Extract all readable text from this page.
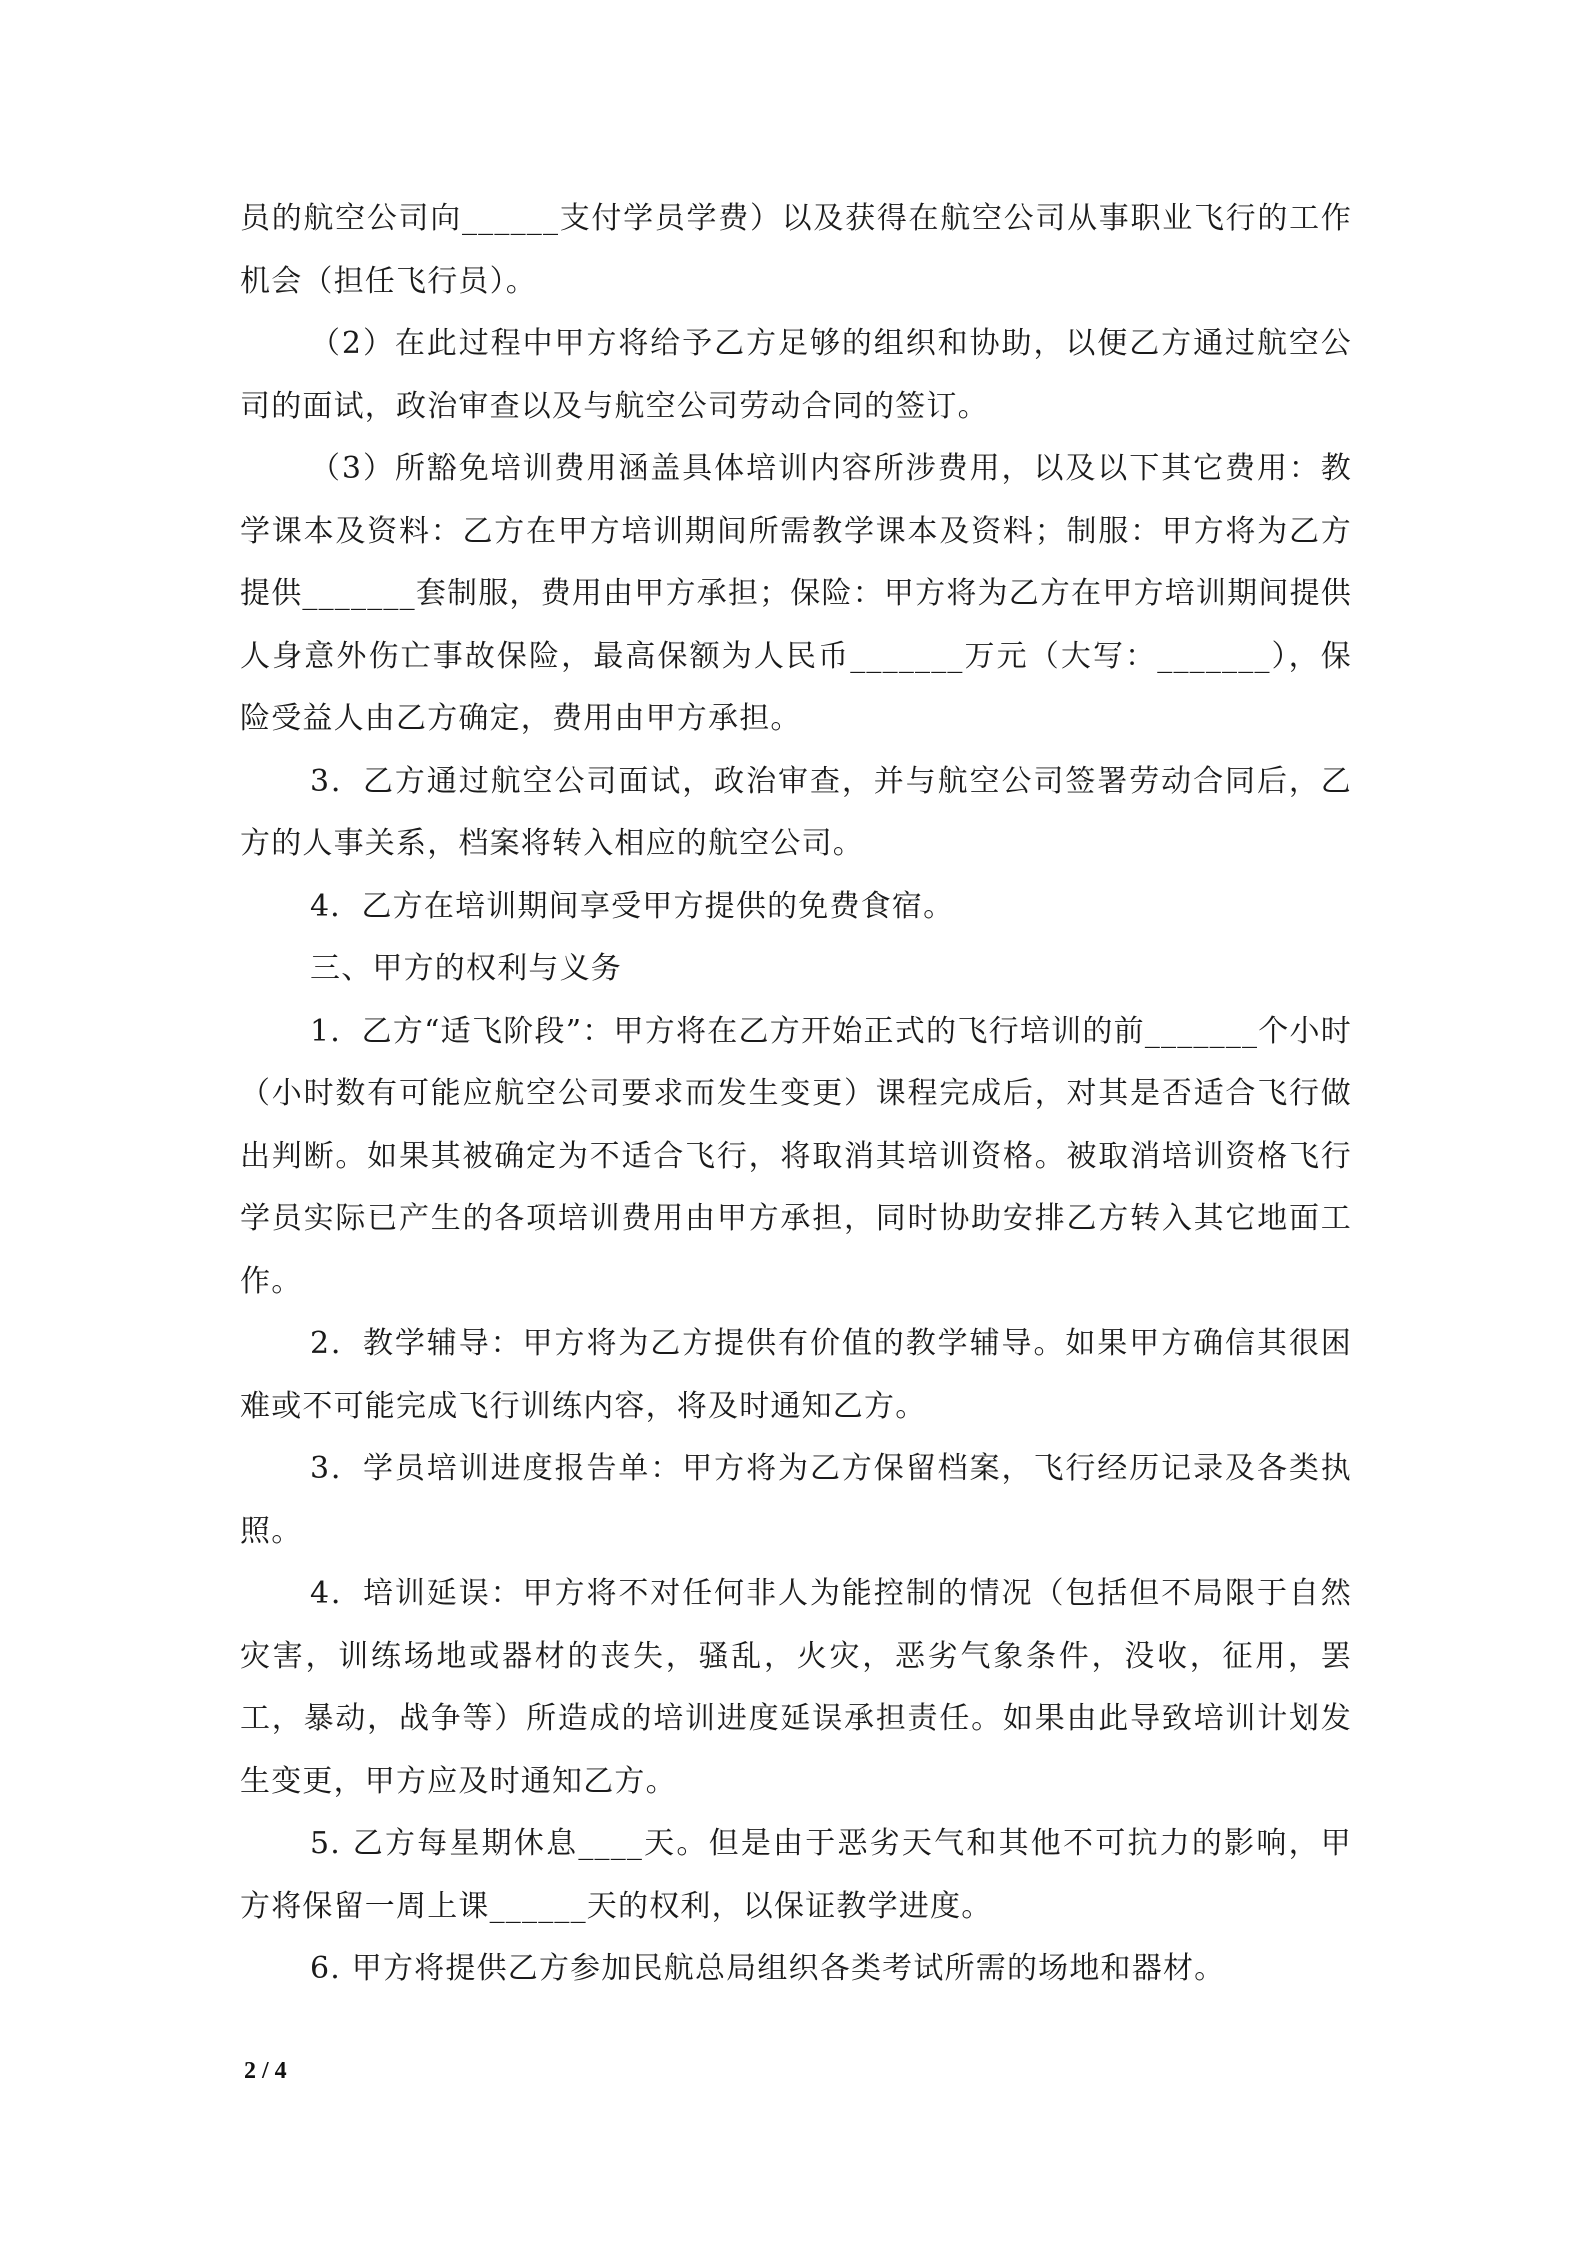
员的航空公司向______支付学员学费）以及获得在航空公司从事职业飞行的工作机会（担任飞行员）。

（2）在此过程中甲方将给予乙方足够的组织和协助，以便乙方通过航空公司的面试，政治审查以及与航空公司劳动合同的签订。

（3）所豁免培训费用涵盖具体培训内容所涉费用，以及以下其它费用：教学课本及资料：乙方在甲方培训期间所需教学课本及资料；制服：甲方将为乙方提供_______套制服，费用由甲方承担；保险：甲方将为乙方在甲方培训期间提供人身意外伤亡事故保险，最高保额为人民币_______万元（大写：_______），保险受益人由乙方确定，费用由甲方承担。

3．乙方通过航空公司面试，政治审查，并与航空公司签署劳动合同后，乙方的人事关系，档案将转入相应的航空公司。

4．乙方在培训期间享受甲方提供的免费食宿。

三、甲方的权利与义务

1．乙方“适飞阶段”：甲方将在乙方开始正式的飞行培训的前_______个小时（小时数有可能应航空公司要求而发生变更）课程完成后，对其是否适合飞行做出判断。如果其被确定为不适合飞行，将取消其培训资格。被取消培训资格飞行学员实际已产生的各项培训费用由甲方承担，同时协助安排乙方转入其它地面工作。

2．教学辅导：甲方将为乙方提供有价值的教学辅导。如果甲方确信其很困难或不可能完成飞行训练内容，将及时通知乙方。

3．学员培训进度报告单：甲方将为乙方保留档案，飞行经历记录及各类执照。

4．培训延误：甲方将不对任何非人为能控制的情况（包括但不局限于自然灾害，训练场地或器材的丧失，骚乱，火灾，恶劣气象条件，没收，征用，罢工，暴动，战争等）所造成的培训进度延误承担责任。如果由此导致培训计划发生变更，甲方应及时通知乙方。

5. 乙方每星期休息____天。但是由于恶劣天气和其他不可抗力的影响，甲方将保留一周上课______天的权利，以保证教学进度。

6. 甲方将提供乙方参加民航总局组织各类考试所需的场地和器材。

2 / 4
